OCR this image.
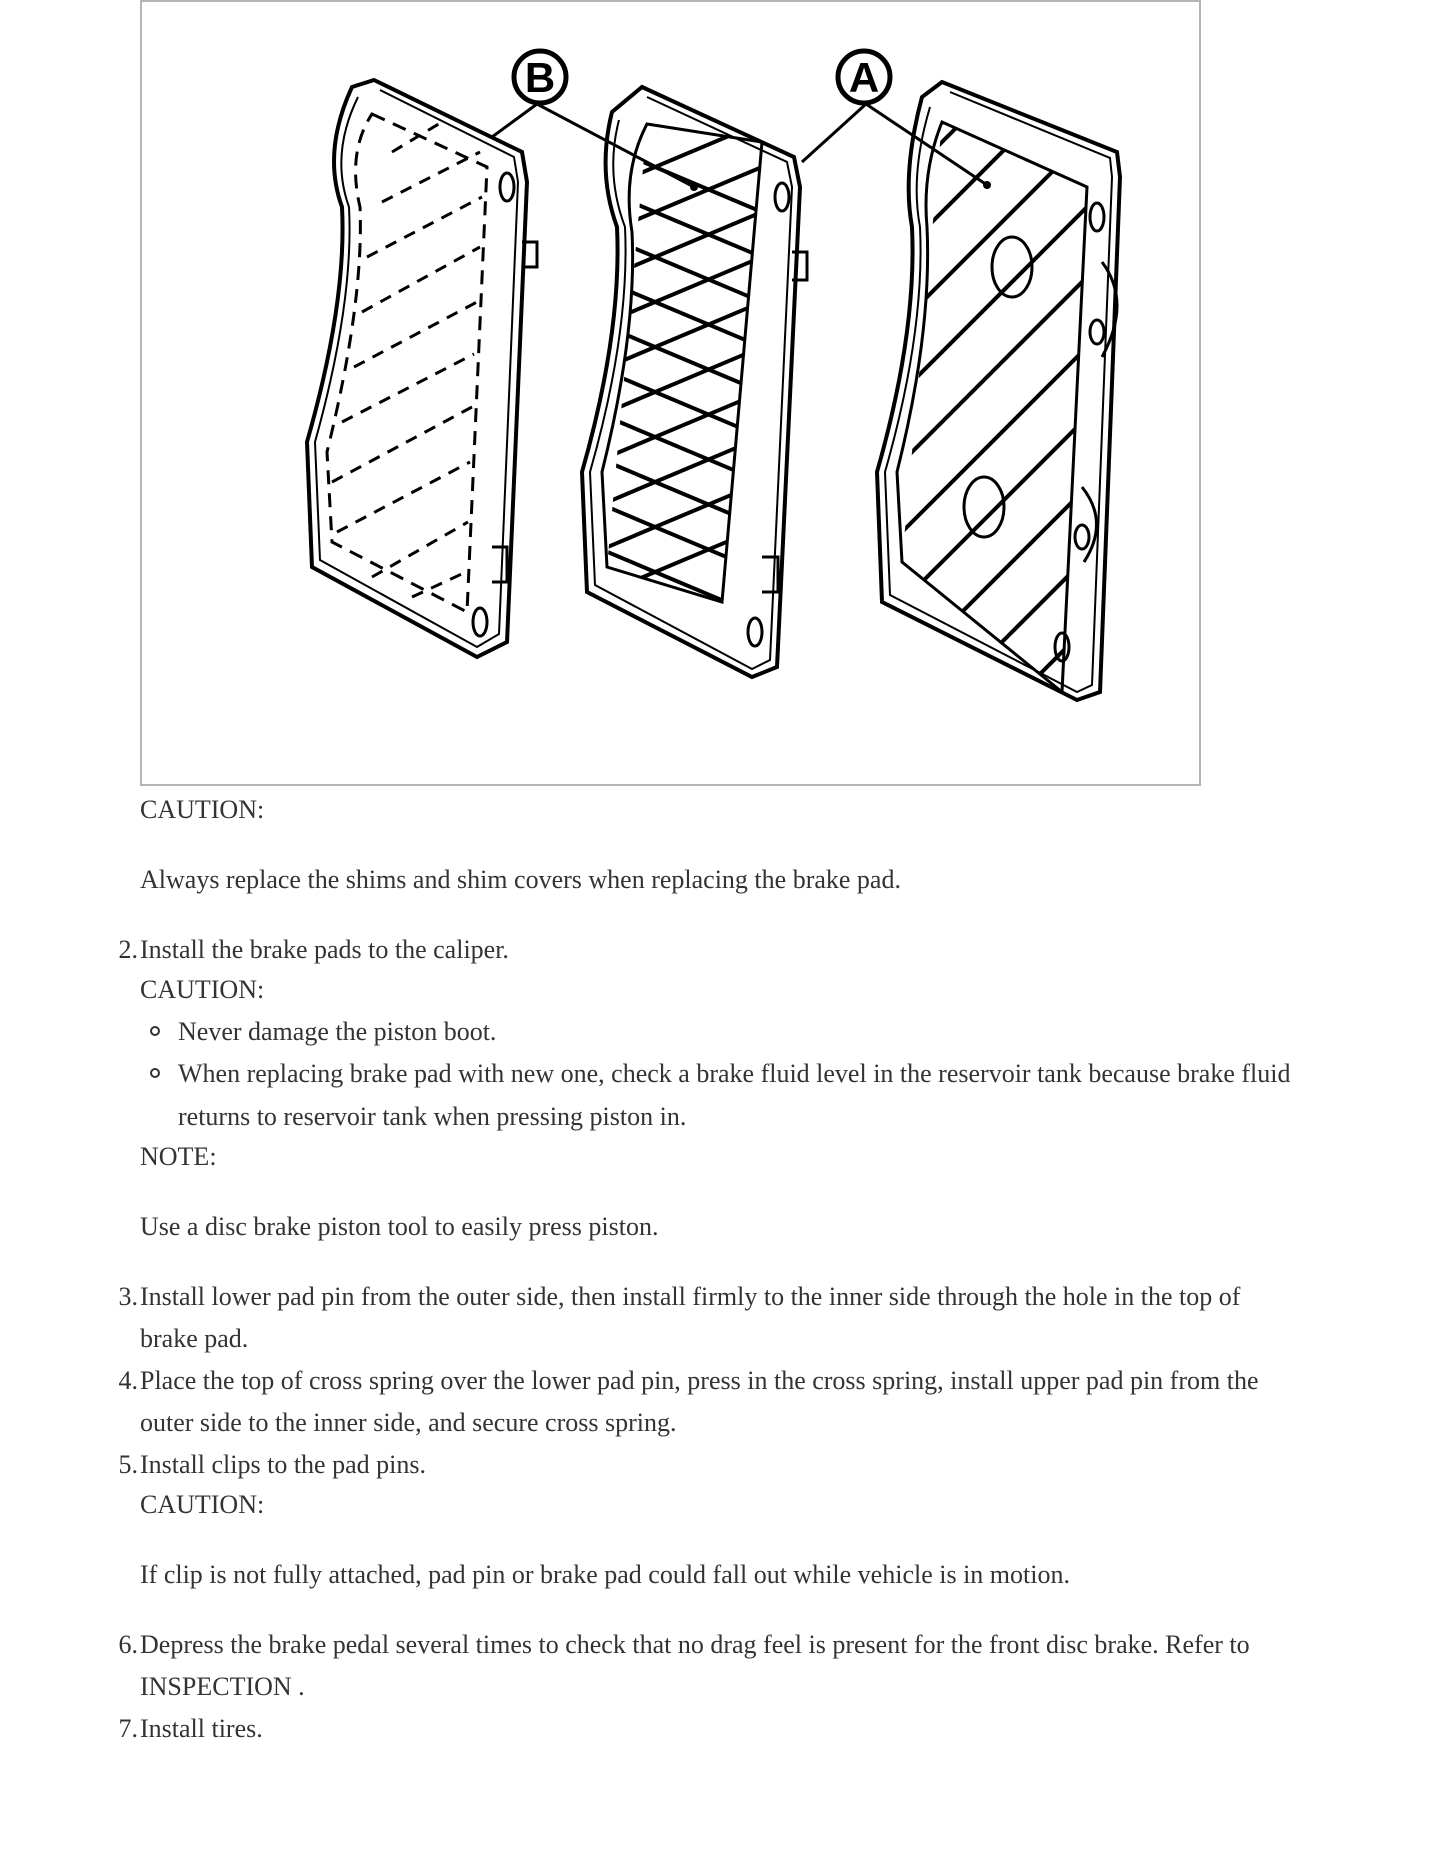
B	A
CAUTION:
Always replace the shims and shim covers when replacing the brake pad.
2. Install the brake pads to the caliper.
CAUTION:
Never damage the piston boot.
When replacing brake pad with new one, check a brake fluid level in the reservoir tank because brake fluid
returns to reservoir tank when pressing piston in.
NOTE:
Use a disc brake piston tool to easily press piston.
3. Install lower pad pin from the outer side, then install firmly to the inner side through the hole in the top of
brake pad.
4. Place the top of cross spring over the lower pad pin, press in the cross spring, install upper pad pin from the
outer side to the inner side, and secure cross spring.
5. Install clips to the pad pins.
CAUTION:
If clip is not fully attached, pad pin or brake pad could fall out while vehicle is in motion.
6. Depress the brake pedal several times to check that no drag feel is present for the front disc brake. Refer to
INSPECTION .
7. Install tires.
